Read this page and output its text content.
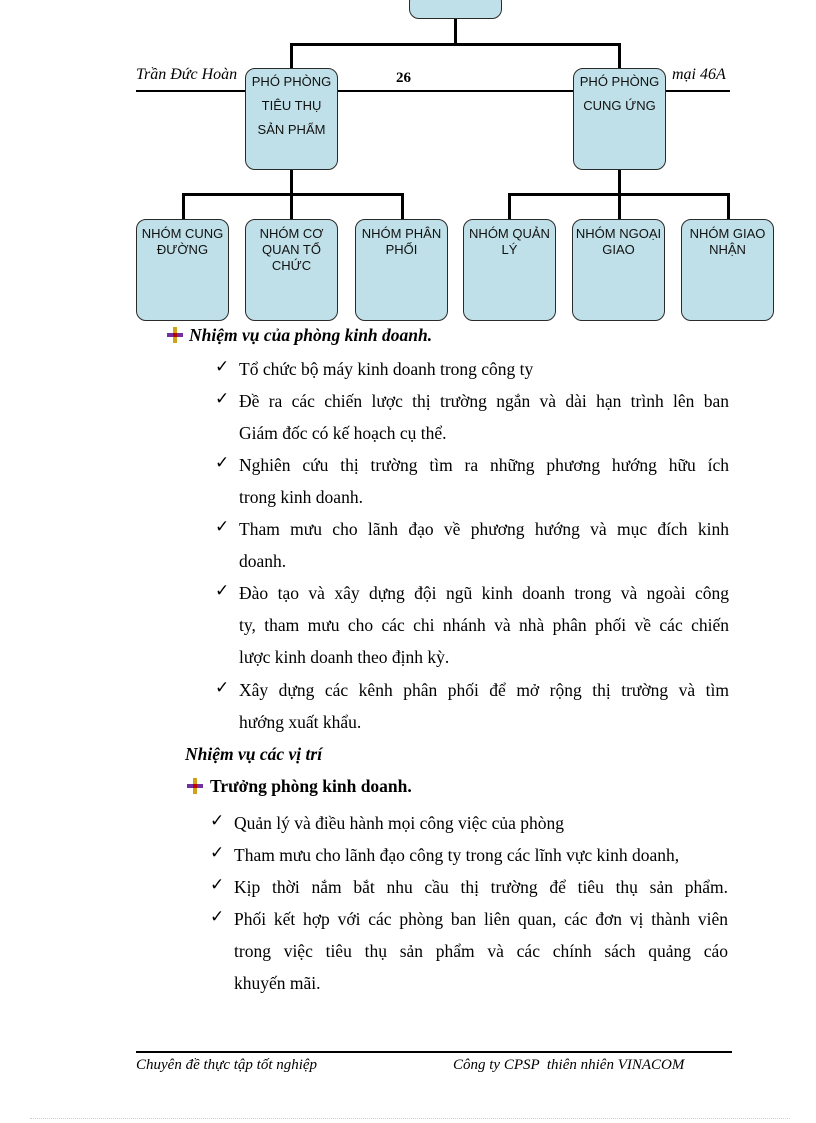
Trần Đức Hoàn	26	mại 46A
PHÓ PHÒNG
TIÊU THỤ
SẢN PHẨM
PHÓ PHÒNG
CUNG ỨNG
NHÓM CUNG ĐƯỜNG
NHÓM CƠ QUAN TỔ CHỨC
NHÓM PHÂN PHỐI
NHÓM QUẢN LÝ
NHÓM NGOẠI GIAO
NHÓM GIAO NHẬN
Nhiệm vụ của phòng kinh doanh.
✓ Tổ chức bộ máy kinh doanh trong công ty
✓ Đề ra các chiến lược thị trường ngắn và dài hạn trình lên ban
Giám đốc có kế hoạch cụ thể.
✓ Nghiên cứu thị trường tìm ra những phương hướng hữu ích
trong kinh doanh.
✓ Tham mưu cho lãnh đạo về phương hướng và mục đích kinh
doanh.
✓ Đào tạo và xây dựng đội ngũ kinh doanh trong và ngoài công
ty, tham mưu cho các chi nhánh và nhà phân phối về các chiến
lược kinh doanh theo định kỳ.
✓ Xây dựng các kênh phân phối để mở rộng thị trường và tìm
hướng xuất khẩu.
Nhiệm vụ các vị trí
Trưởng phòng kinh doanh.
✓ Quản lý và điều hành mọi công việc của phòng
✓ Tham mưu cho lãnh đạo công ty trong các lĩnh vực kinh doanh,
✓ Kịp thời nắm bắt nhu cầu thị trường để tiêu thụ sản phẩm.
✓ Phối kết hợp với các phòng ban liên quan, các đơn vị thành viên
trong việc tiêu thụ sản phẩm và các chính sách quảng cáo
khuyến mãi.
Chuyên đề thực tập tốt nghiệp	Công ty CPSP  thiên nhiên VINACOM
